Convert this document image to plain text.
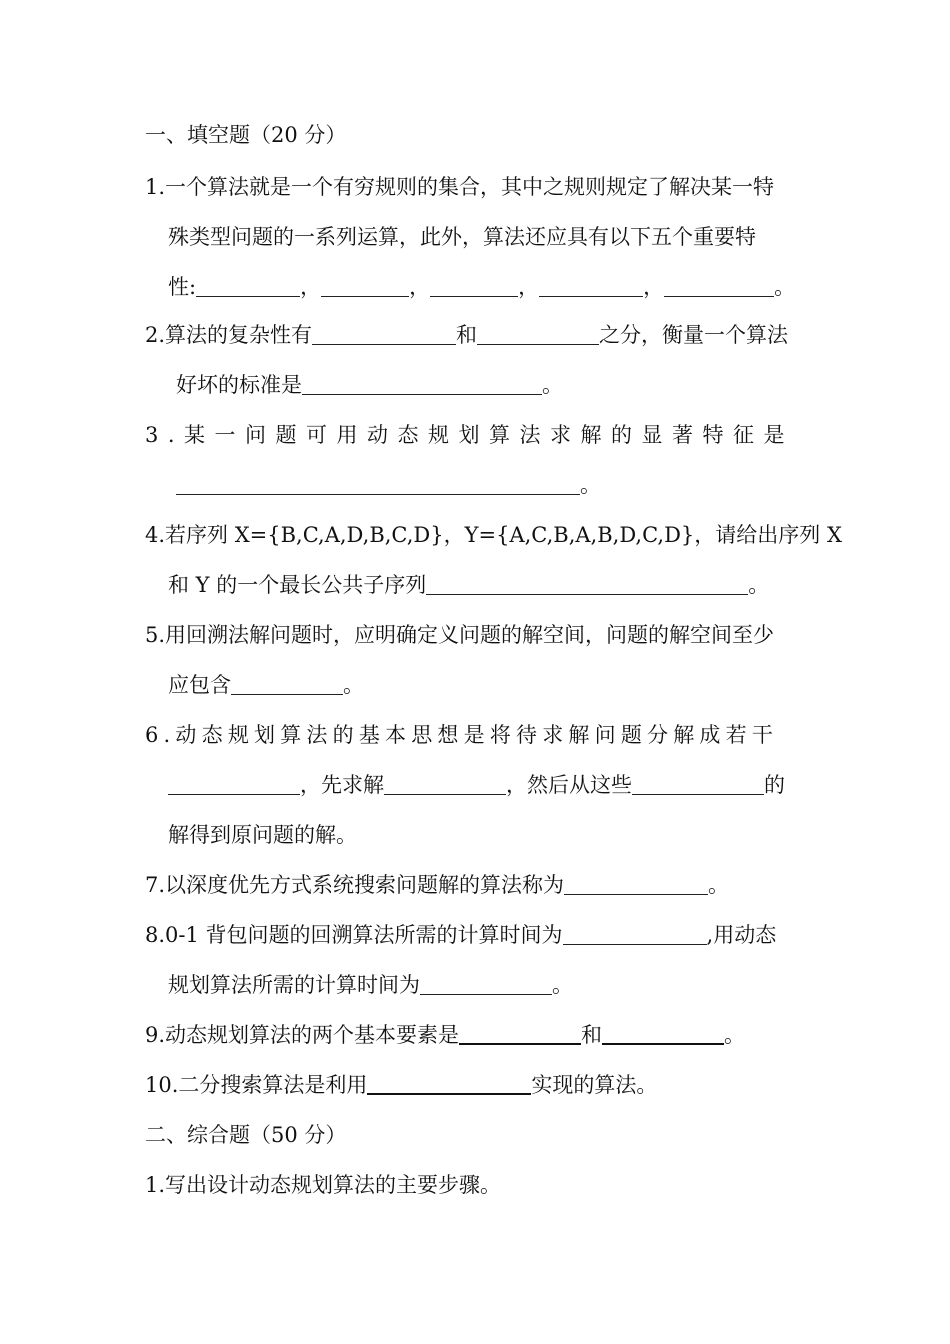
一、填空题（20 分）
1.一个算法就是一个有穷规则的集合，其中之规则规定了解决某一特
殊类型问题的一系列运算，此外，算法还应具有以下五个重要特
性:	，	，	，	，	。
2.算法的复杂性有	和	之分，衡量一个算法
好坏的标准是	。
3.某一问题可用动态规划算法求解的显著特征是
。
4.若序列 X={B,C,A,D,B,C,D}，Y={A,C,B,A,B,D,C,D}，请给出序列 X
和 Y 的一个最长公共子序列	。
5.用回溯法解问题时，应明确定义问题的解空间，问题的解空间至少
应包含	。
6.动态规划算法的基本思想是将待求解问题分解成若干
，先求解	，然后从这些	的
解得到原问题的解。
7.以深度优先方式系统搜索问题解的算法称为	。
8.0-1 背包问题的回溯算法所需的计算时间为	,用动态
规划算法所需的计算时间为	。
9.动态规划算法的两个基本要素是	和	。
10.二分搜索算法是利用	实现的算法。
二、综合题（50 分）
1.写出设计动态规划算法的主要步骤。
